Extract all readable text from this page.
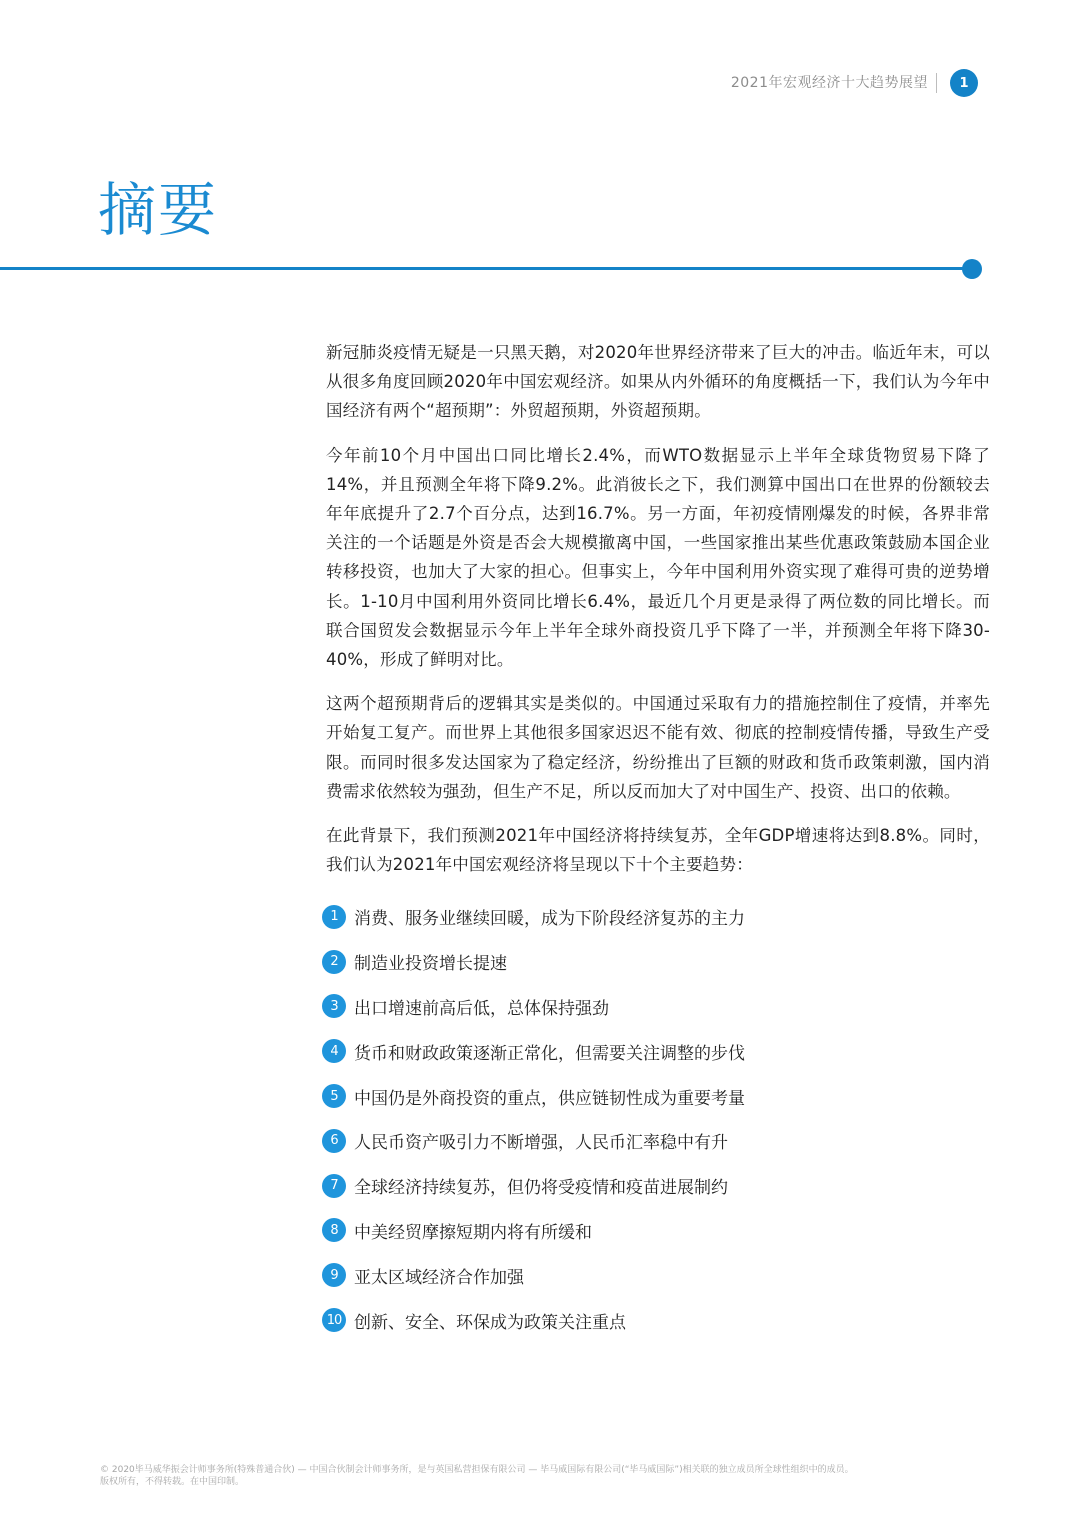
2021年宏观经济十大趋势展望	1
摘要

新冠肺炎疫情无疑是一只黑天鹅，对2020年世界经济带来了巨大的冲击。临近年末，可以从很多角度回顾2020年中国宏观经济。如果从内外循环的角度概括一下，我们认为今年中国经济有两个“超预期”：外贸超预期，外资超预期。

今年前10个月中国出口同比增长2.4%，而WTO数据显示上半年全球货物贸易下降了14%，并且预测全年将下降9.2%。此消彼长之下，我们测算中国出口在世界的份额较去年年底提升了2.7个百分点，达到16.7%。另一方面，年初疫情刚爆发的时候，各界非常关注的一个话题是外资是否会大规模撤离中国，一些国家推出某些优惠政策鼓励本国企业转移投资，也加大了大家的担心。但事实上，今年中国利用外资实现了难得可贵的逆势增长。1-10月中国利用外资同比增长6.4%，最近几个月更是录得了两位数的同比增长。而联合国贸发会数据显示今年上半年全球外商投资几乎下降了一半，并预测全年将下降30-40%，形成了鲜明对比。

这两个超预期背后的逻辑其实是类似的。中国通过采取有力的措施控制住了疫情，并率先开始复工复产。而世界上其他很多国家迟迟不能有效、彻底的控制疫情传播，导致生产受限。而同时很多发达国家为了稳定经济，纷纷推出了巨额的财政和货币政策刺激，国内消费需求依然较为强劲，但生产不足，所以反而加大了对中国生产、投资、出口的依赖。

在此背景下，我们预测2021年中国经济将持续复苏，全年GDP增速将达到8.8%。同时，我们认为2021年中国宏观经济将呈现以下十个主要趋势：

1 消费、服务业继续回暖，成为下阶段经济复苏的主力
2 制造业投资增长提速
3 出口增速前高后低，总体保持强劲
4 货币和财政政策逐渐正常化，但需要关注调整的步伐
5 中国仍是外商投资的重点，供应链韧性成为重要考量
6 人民币资产吸引力不断增强，人民币汇率稳中有升
7 全球经济持续复苏，但仍将受疫情和疫苗进展制约
8 中美经贸摩擦短期内将有所缓和
9 亚太区域经济合作加强
10 创新、安全、环保成为政策关注重点

© 2020毕马威华振会计师事务所(特殊普通合伙) — 中国合伙制会计师事务所，是与英国私营担保有限公司 — 毕马威国际有限公司(“毕马威国际”)相关联的独立成员所全球性组织中的成员。

版权所有，不得转载。在中国印制。
